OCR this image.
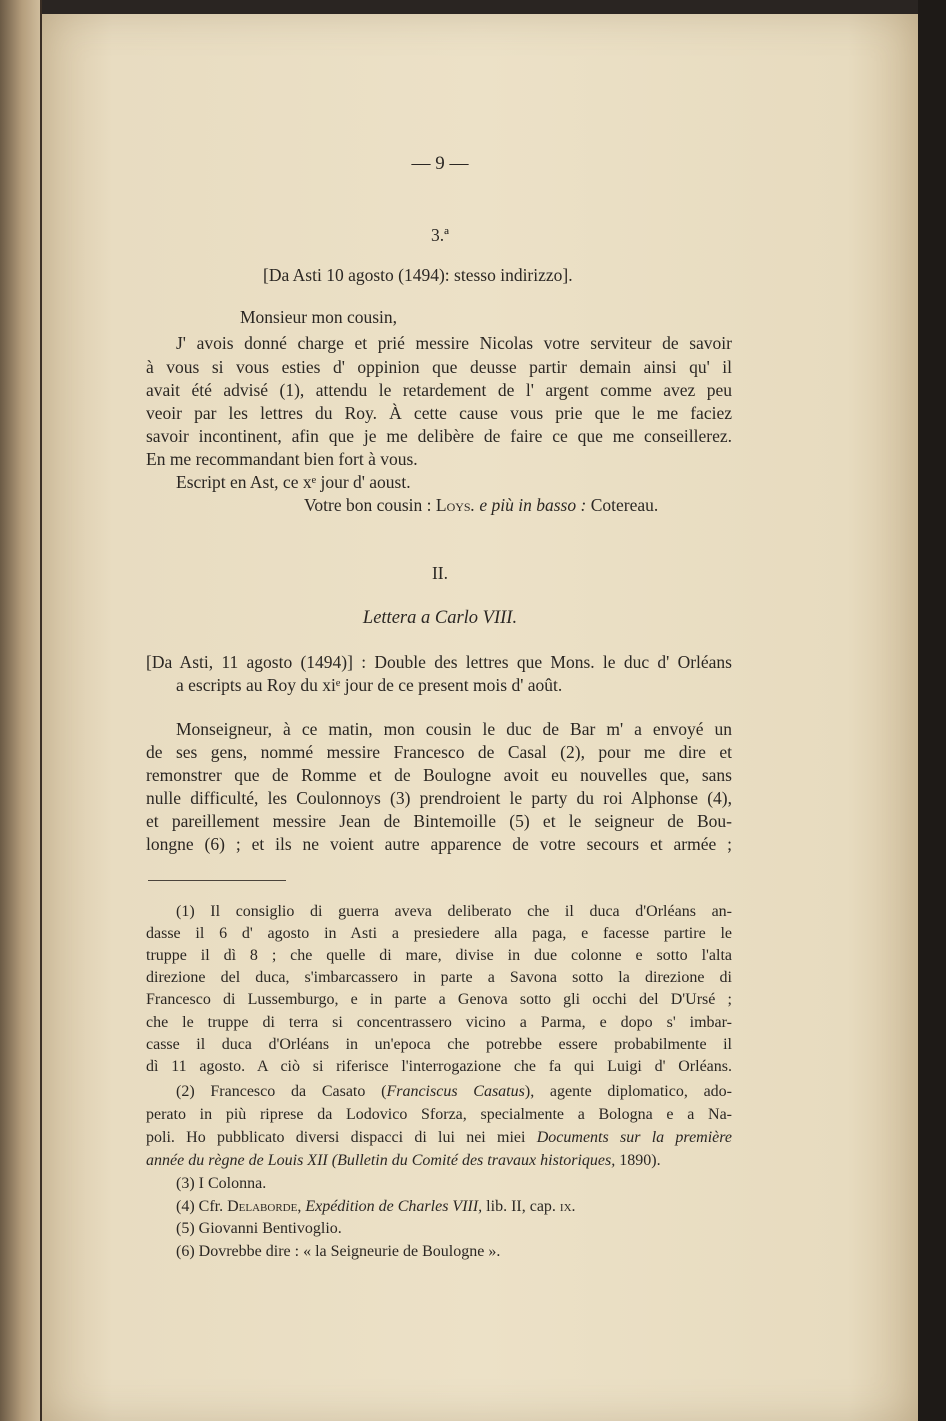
— 9 —
3.ª
[Da Asti 10 agosto (1494): stesso indirizzo].
Monsieur mon cousin,
J' avois donné charge et prié messire Nicolas votre serviteur de savoir
à vous si vous esties d' oppinion que deusse partir demain ainsi qu' il
avait été advisé (1), attendu le retardement de l' argent comme avez peu
veoir par les lettres du Roy. À cette cause vous prie que le me faciez
savoir incontinent, afin que je me delibère de faire ce que me conseillerez.
En me recommandant bien fort à vous.
Escript en Ast, ce xᵉ jour d' aoust.
Votre bon cousin : Loys. e più in basso : Cotereau.
II.
Lettera a Carlo VIII.
[Da Asti, 11 agosto (1494)] : Double des lettres que Mons. le duc d' Orléans
a escripts au Roy du xiᵉ jour de ce present mois d' août.
Monseigneur, à ce matin, mon cousin le duc de Bar m' a envoyé un
de ses gens, nommé messire Francesco de Casal (2), pour me dire et
remonstrer que de Romme et de Boulogne avoit eu nouvelles que, sans
nulle difficulté, les Coulonnoys (3) prendroient le party du roi Alphonse (4),
et pareillement messire Jean de Bintemoille (5) et le seigneur de Bou-
longne (6) ; et ils ne voient autre apparence de votre secours et armée ;
(1) Il consiglio di guerra aveva deliberato che il duca d'Orléans an-
dasse il 6 d' agosto in Asti a presiedere alla paga, e facesse partire le
truppe il dì 8 ; che quelle di mare, divise in due colonne e sotto l'alta
direzione del duca, s'imbarcassero in parte a Savona sotto la direzione di
Francesco di Lussemburgo, e in parte a Genova sotto gli occhi del D'Ursé ;
che le truppe di terra si concentrassero vicino a Parma, e dopo s' imbar-
casse il duca d'Orléans in un'epoca che potrebbe essere probabilmente il
dì 11 agosto. A ciò si riferisce l'interrogazione che fa qui Luigi d' Orléans.
(2) Francesco da Casato (Franciscus Casatus), agente diplomatico, ado-
perato in più riprese da Lodovico Sforza, specialmente a Bologna e a Na-
poli. Ho pubblicato diversi dispacci di lui nei miei Documents sur la première
année du règne de Louis XII (Bulletin du Comité des travaux historiques, 1890).
(3) I Colonna.
(4) Cfr. Delaborde, Expédition de Charles VIII, lib. II, cap. ix.
(5) Giovanni Bentivoglio.
(6) Dovrebbe dire : « la Seigneurie de Boulogne ».
